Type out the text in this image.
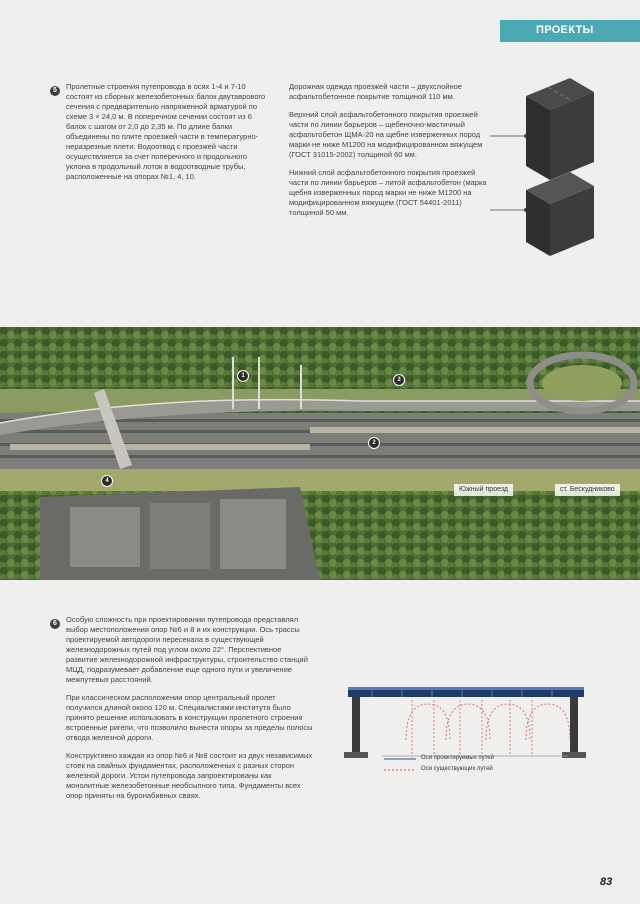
ПРОЕКТЫ
5	Пролетные строения путепровода в осях 1-4 и 7-10 состоят из сборных железобетонных балок двутаврового сечения с предварительно напряженной арматурой по схеме 3 × 24,0 м. В поперечном сечении состоят из 6 балок с шагом от 2,0 до 2,35 м. По длине балки объединены по плите проезжей части в температурно-неразрезные плети. Водоотвод с проезжей части осуществляется за счет поперечного и продольного уклона в продольный лоток в водоотводные трубы, расположенные на опорах №1, 4, 10.

Дорожная одежда проезжей части – двухслойное асфальтобетонное покрытие толщиной 110 мм.

Верхний слой асфальтобетонного покрытия проезжей части по линии барьеров – щебеночно-мастичный асфальтобетон ЩМА-20 на щебне изверженных пород марки не ниже М1200 на модифицированном вяжущем (ГОСТ 31015-2002) толщиной 60 мм.

Нижний слой асфальтобетонного покрытия проезжей части по линии барьеров – литой асфальтобетон (марка щебня изверженных пород марки не ниже М1200 на модифицированном вяжущем (ГОСТ 54401-2011) толщиной 50 мм.

1
2
3
4
Южный проезд	ст. Бескудниково
6	Особую сложность при проектировании путепровода представлял выбор местоположения опор №6 и 8 и их конструкции. Ось трассы проектируемой автодороги пересекала в существующей железнодорожных путей под углом около 22°. Перспективное развитие железнодорожной инфраструктуры, строительство станций МЦД, подразумевает добавление еще одного пути и увеличение межпутевых расстояний.

При классическом расположении опор центральный пролет получился длиной около 120 м. Специалистами института было принято решение использовать в конструкции пролетного строения встроенные ригели, что позволило вынести опоры за пределы полосы отвода железной дороги.

Конструктивно каждая из опор №6 и №8 состоит из двух независимых стоек на свайных фундаментах, расположенных с разных сторон железной дороги. Устои путепровода запроектированы как монолитные железобетонные необсыпного типа. Фундаменты всех опор приняты на буронабивных сваях.

Оси проектируемых путей
Оси существующих путей
83
